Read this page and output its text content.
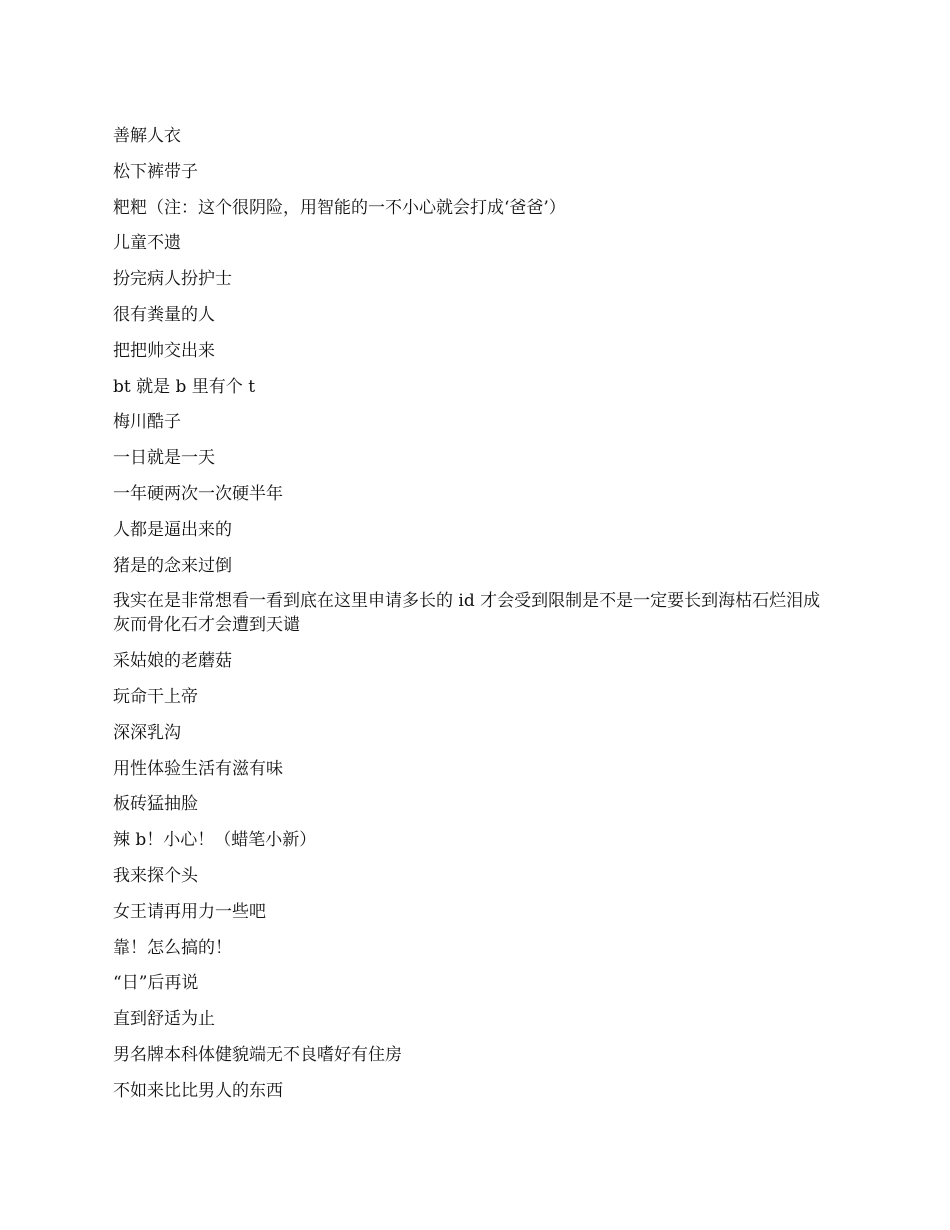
善解人衣
松下裤带子
粑粑（注：这个很阴险，用智能的一不小心就会打成‘爸爸’）
儿童不遗
扮完病人扮护士
很有粪量的人
把把帅交出来
bt 就是 b 里有个 t
梅川酷子
一日就是一天
一年硬两次一次硬半年
人都是逼出来的
猪是的念来过倒
我实在是非常想看一看到底在这里申请多长的 id 才会受到限制是不是一定要长到海枯石烂泪成灰而骨化石才会遭到天谴
采姑娘的老蘑菇
玩命干上帝
深深乳沟
用性体验生活有滋有味
板砖猛抽脸
辣 b！小心！（蜡笔小新）
我来探个头
女王请再用力一些吧
靠！怎么搞的！
“日”后再说
直到舒适为止
男名牌本科体健貌端无不良嗜好有住房
不如来比比男人的东西
